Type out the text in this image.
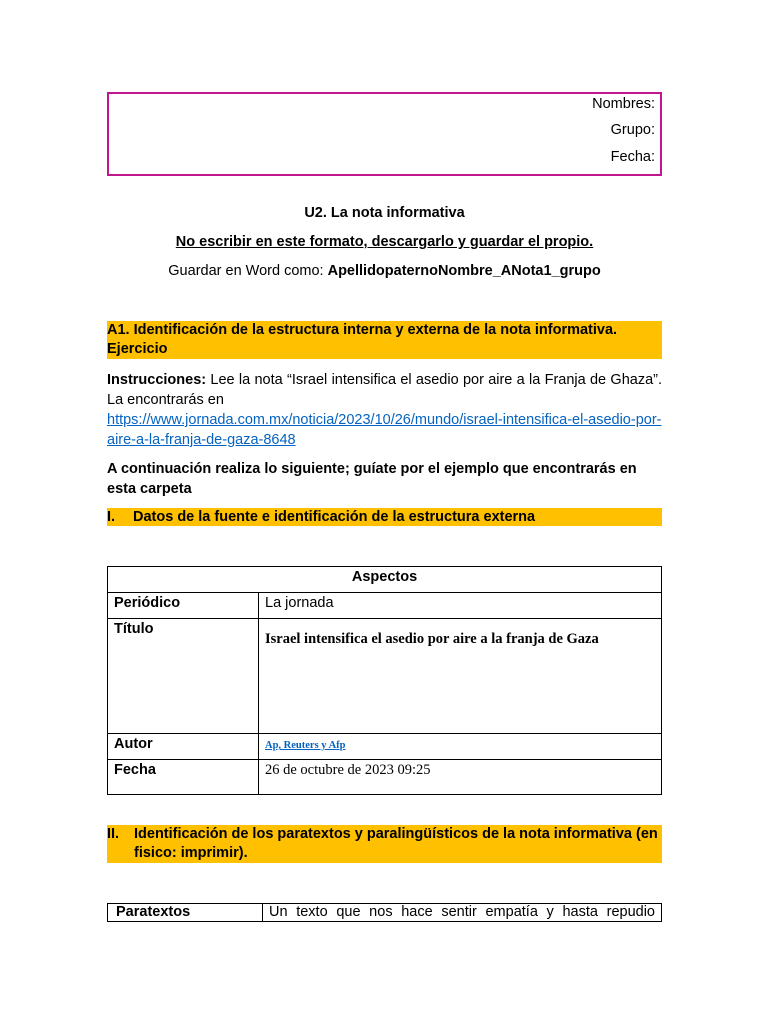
Nombres:
Grupo:
Fecha:
U2. La nota informativa
No escribir en este formato, descargarlo y guardar el propio.
Guardar en Word como: ApellidopaternoNombre_ANota1_grupo
A1. Identificación de la estructura interna y externa de la nota informativa. Ejercicio
Instrucciones: Lee la nota “Israel intensifica el asedio por aire a la Franja de Ghaza”. La encontrarás en
https://www.jornada.com.mx/noticia/2023/10/26/mundo/israel-intensifica-el-asedio-por-aire-a-la-franja-de-gaza-8648
A continuación realiza lo siguiente; guíate por el ejemplo que encontrarás en esta carpeta
I. Datos de la fuente e identificación de la estructura externa
Aspectos	
Periódico	La jornada
Título	Israel intensifica el asedio por aire a la franja de Gaza
Autor	Ap, Reuters y Afp
Fecha	26 de octubre de 2023 09:25
II. Identificación de los paratextos y paralingüísticos de la nota informativa (en fisico: imprimir).
Paratextos	Un texto que nos hace sentir empatía y hasta repudio
